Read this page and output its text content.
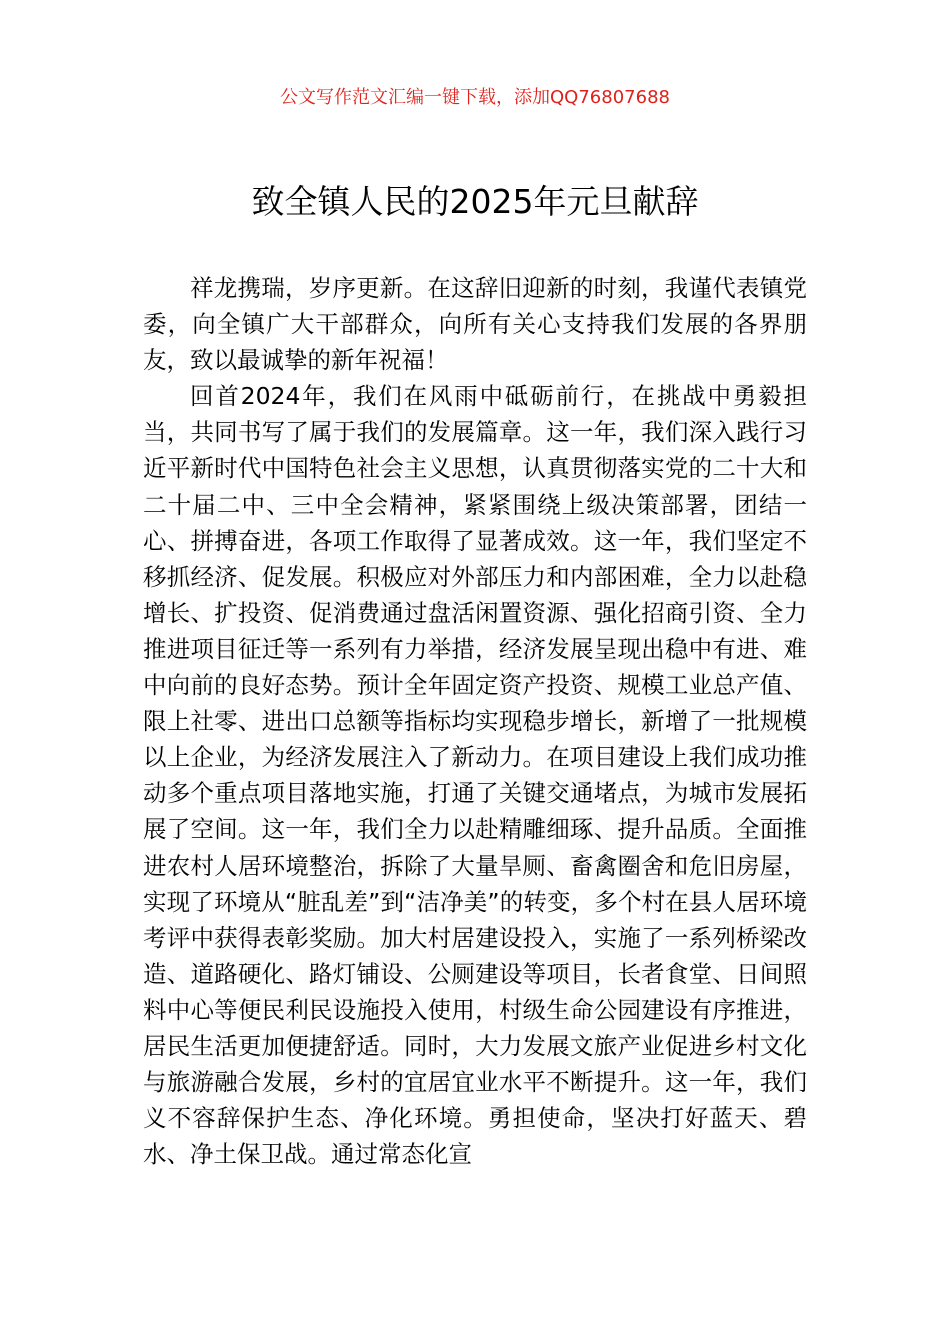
公文写作范文汇编一键下载，添加QQ76807688
致全镇人民的2025年元旦献辞

祥龙携瑞，岁序更新。在这辞旧迎新的时刻，我谨代表镇党委，向全镇广大干部群众，向所有关心支持我们发展的各界朋友，致以最诚挚的新年祝福！

回首2024年，我们在风雨中砥砺前行，在挑战中勇毅担当，共同书写了属于我们的发展篇章。这一年，我们深入践行习近平新时代中国特色社会主义思想，认真贯彻落实党的二十大和二十届二中、三中全会精神，紧紧围绕上级决策部署，团结一心、拼搏奋进，各项工作取得了显著成效。这一年，我们坚定不移抓经济、促发展。积极应对外部压力和内部困难，全力以赴稳增长、扩投资、促消费通过盘活闲置资源、强化招商引资、全力推进项目征迁等一系列有力举措，经济发展呈现出稳中有进、难中向前的良好态势。预计全年固定资产投资、规模工业总产值、限上社零、进出口总额等指标均实现稳步增长，新增了一批规模以上企业，为经济发展注入了新动力。在项目建设上我们成功推动多个重点项目落地实施，打通了关键交通堵点，为城市发展拓展了空间。这一年，我们全力以赴精雕细琢、提升品质。全面推进农村人居环境整治，拆除了大量旱厕、畜禽圈舍和危旧房屋，实现了环境从“脏乱差”到“洁净美”的转变，多个村在县人居环境考评中获得表彰奖励。加大村居建设投入，实施了一系列桥梁改造、道路硬化、路灯铺设、公厕建设等项目，长者食堂、日间照料中心等便民利民设施投入使用，村级生命公园建设有序推进，居民生活更加便捷舒适。同时，大力发展文旅产业促进乡村文化与旅游融合发展，乡村的宜居宜业水平不断提升。这一年，我们义不容辞保护生态、净化环境。勇担使命，坚决打好蓝天、碧水、净土保卫战。通过常态化宣
